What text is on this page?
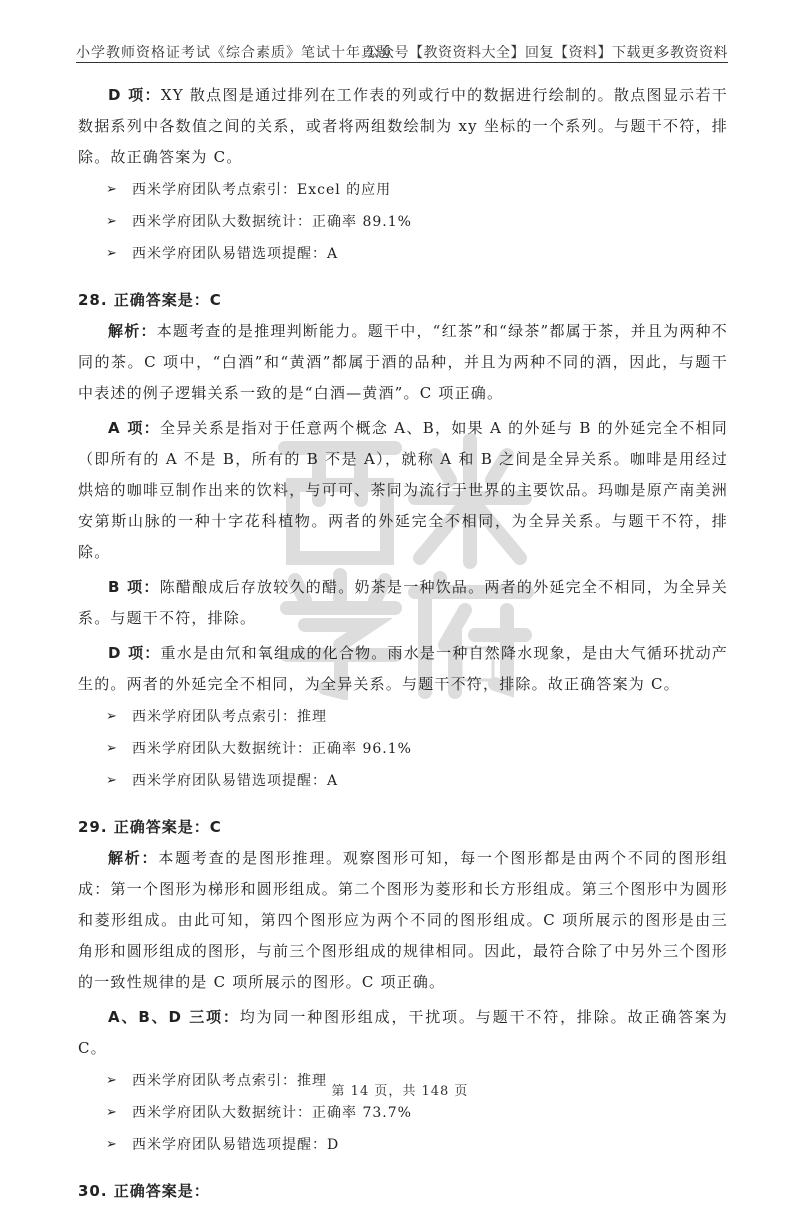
小学教师资格证考试《综合素质》笔试十年真题
公众号【教资资料大全】回复【资料】下载更多教资资料

D 项：XY 散点图是通过排列在工作表的列或行中的数据进行绘制的。散点图显示若干数据系列中各数值之间的关系，或者将两组数绘制为 xy 坐标的一个系列。与题干不符，排除。故正确答案为 C。

➢	西米学府团队考点索引：Excel 的应用
➢	西米学府团队大数据统计：正确率 89.1%
➢	西米学府团队易错选项提醒：A
28. 正确答案是：C

解析：本题考查的是推理判断能力。题干中，“红茶”和“绿茶”都属于茶，并且为两种不同的茶。C 项中，“白酒”和“黄酒”都属于酒的品种，并且为两种不同的酒，因此，与题干中表述的例子逻辑关系一致的是“白酒—黄酒”。C 项正确。

A 项：全异关系是指对于任意两个概念 A、B，如果 A 的外延与 B 的外延完全不相同（即所有的 A 不是 B，所有的 B 不是 A），就称 A 和 B 之间是全异关系。咖啡是用经过烘焙的咖啡豆制作出来的饮料，与可可、茶同为流行于世界的主要饮品。玛咖是原产南美洲安第斯山脉的一种十字花科植物。两者的外延完全不相同，为全异关系。与题干不符，排除。

B 项：陈醋酿成后存放较久的醋。奶茶是一种饮品。两者的外延完全不相同，为全异关系。与题干不符，排除。

D 项：重水是由氘和氧组成的化合物。雨水是一种自然降水现象，是由大气循环扰动产生的。两者的外延完全不相同，为全异关系。与题干不符，排除。故正确答案为 C。

➢	西米学府团队考点索引：推理
➢	西米学府团队大数据统计：正确率 96.1%
➢	西米学府团队易错选项提醒：A
29. 正确答案是：C

解析：本题考查的是图形推理。观察图形可知，每一个图形都是由两个不同的图形组成：第一个图形为梯形和圆形组成。第二个图形为菱形和长方形组成。第三个图形中为圆形和菱形组成。由此可知，第四个图形应为两个不同的图形组成。C 项所展示的图形是由三角形和圆形组成的图形，与前三个图形组成的规律相同。因此，最符合除了中另外三个图形的一致性规律的是 C 项所展示的图形。C 项正确。

A、B、D 三项：均为同一种图形组成，干扰项。与题干不符，排除。故正确答案为 C。

➢	西米学府团队考点索引：推理
➢	西米学府团队大数据统计：正确率 73.7%
➢	西米学府团队易错选项提醒：D
30. 正确答案是：
第 14 页，共 148 页
